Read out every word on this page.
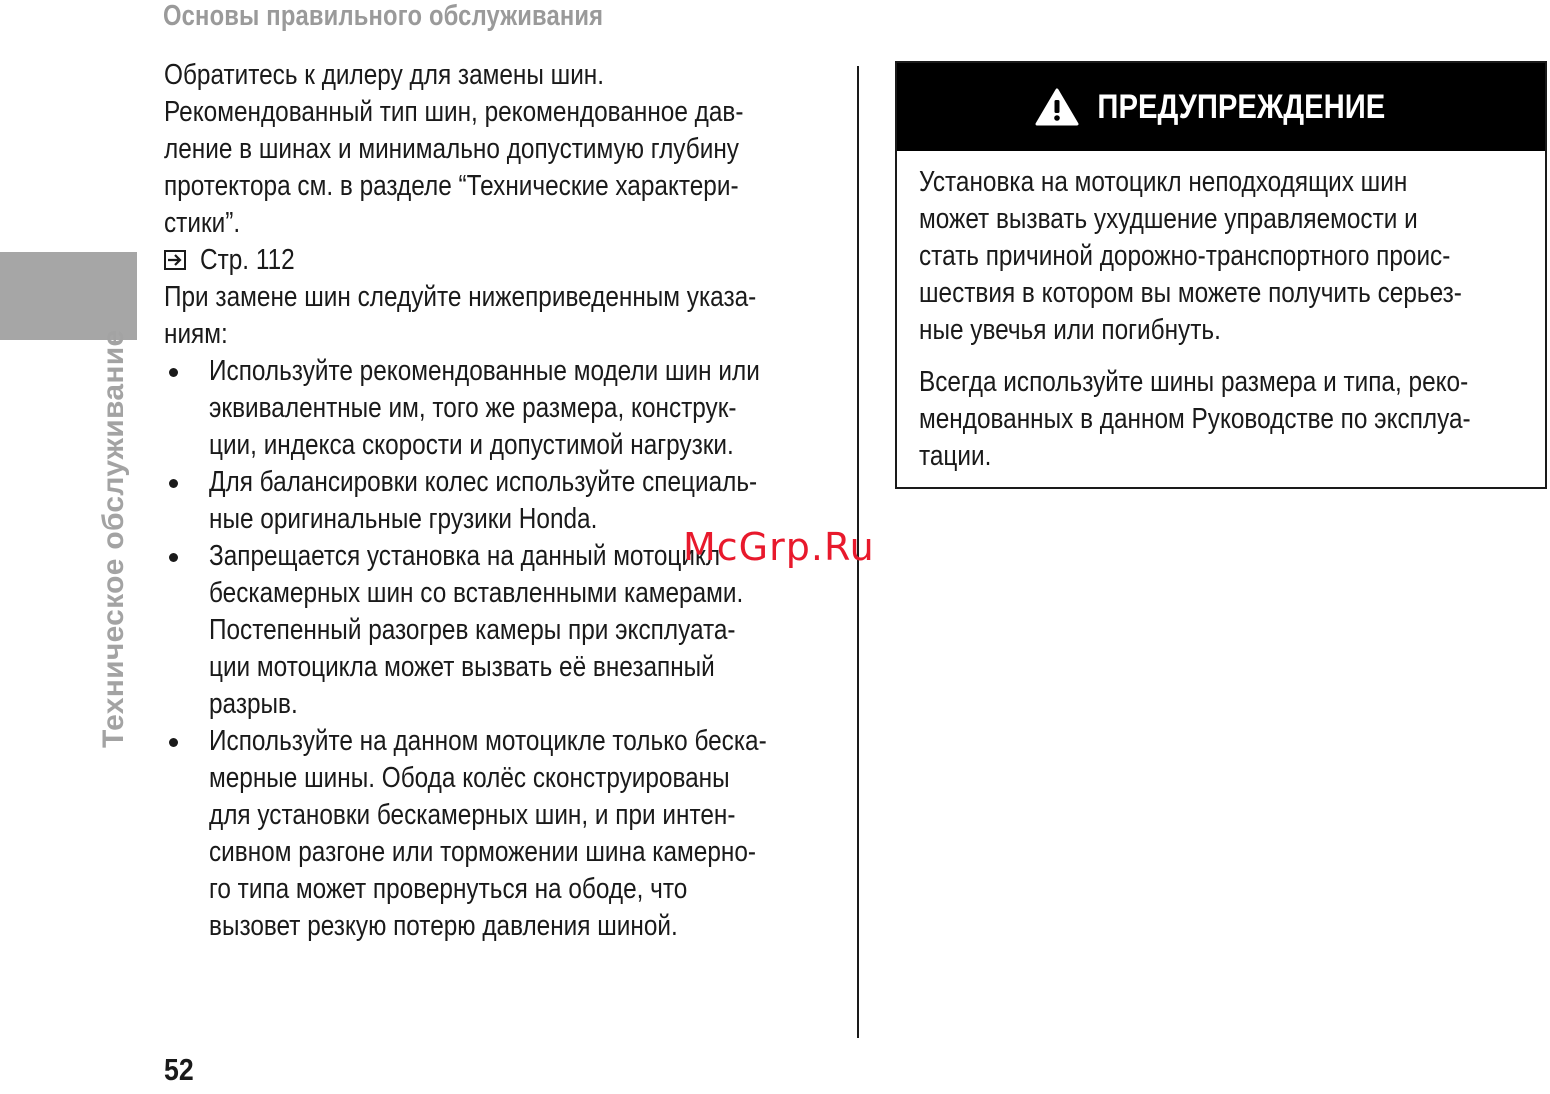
Основы правильного обслуживания
Техническое обслуживание
Обратитесь к дилеру для замены шин.
Рекомендованный тип шин, рекомендованное дав-
ление в шинах и минимально допустимую глубину
протектора см. в разделе “Технические характери-
стики”.
Стр. 112
При замене шин следуйте нижеприведенным указа-
ниям:
Используйте рекомендованные модели шин или
эквивалентные им, того же размера, конструк-
ции, индекса скорости и допустимой нагрузки.
Для балансировки колес используйте специаль-
ные оригинальные грузики Honda.
Запрещается установка на данный мотоцикл
бескамерных шин со вставленными камерами.
Постепенный разогрев камеры при эксплуата-
ции мотоцикла может вызвать её внезапный
разрыв.
Используйте на данном мотоцикле только беска-
мерные шины. Обода колёс сконструированы
для установки бескамерных шин, и при интен-
сивном разгоне или торможении шина камерно-
го типа может провернуться на ободе, что
вызовет резкую потерю давления шиной.
ПРЕДУПРЕЖДЕНИЕ
Установка на мотоцикл неподходящих шин
может вызвать ухудшение управляемости и
стать причиной дорожно-транспортного проис-
шествия в котором вы можете получить серьез-
ные увечья или погибнуть.
Всегда используйте шины размера и типа, реко-
мендованных в данном Руководстве по эксплуа-
тации.
McGrp.Ru
52
